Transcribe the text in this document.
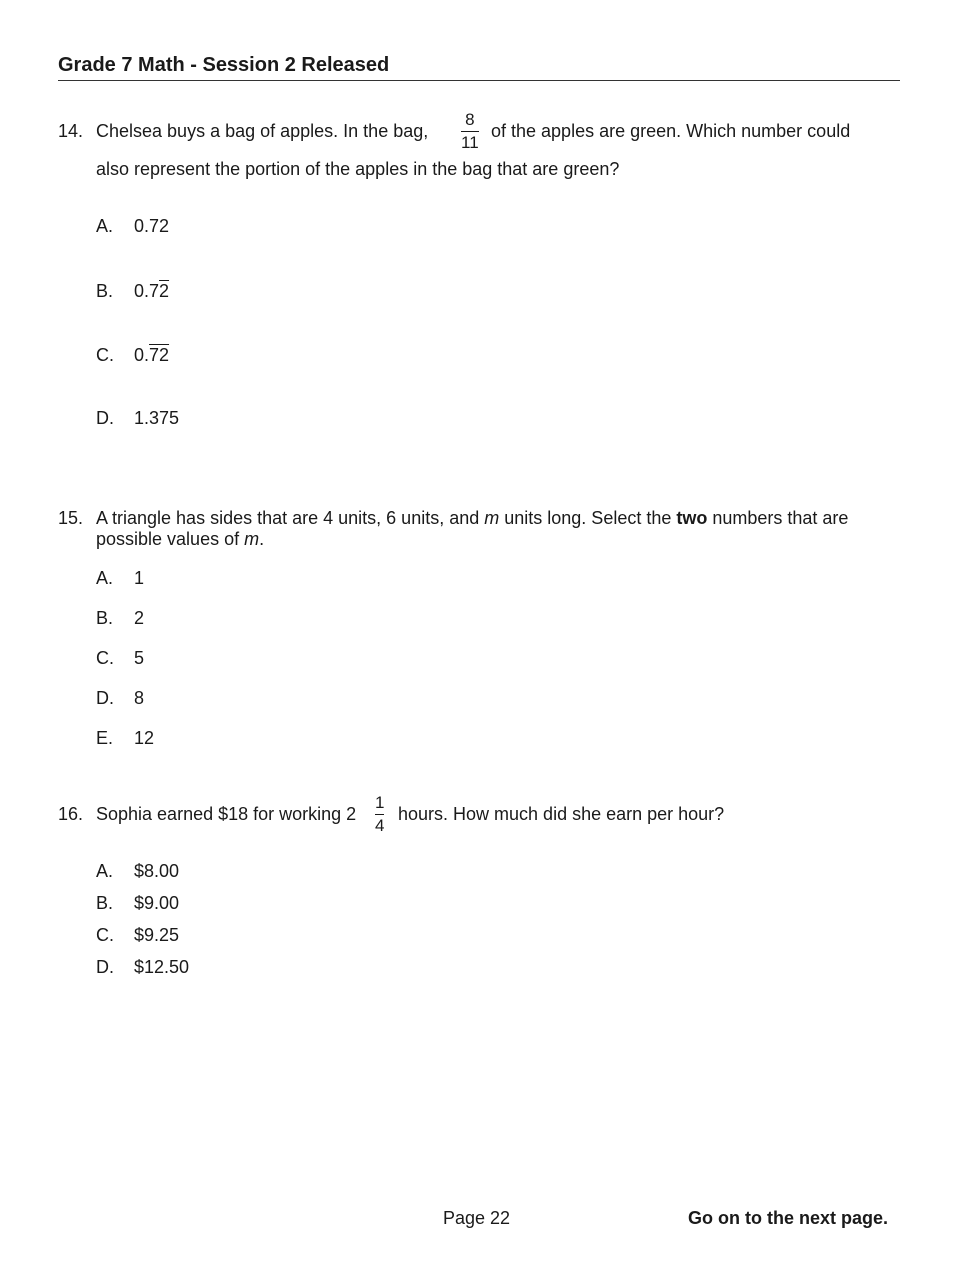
Grade 7 Math - Session 2 Released
14. Chelsea buys a bag of apples. In the bag,
8
11
of the apples are green. Which number could
also represent the portion of the apples in the bag that are green?
A. 0.72
B. 0.72
C. 0.72
D. 1.375
15. A triangle has sides that are 4 units, 6 units, and m units long. Select the two numbers that are
possible values of m.
A. 1
B. 2
C. 5
D. 8
E. 12
16. Sophia earned $18 for working 2
1
4
hours. How much did she earn per hour?
A. $8.00
B. $9.00
C. $9.25
D. $12.50
Page 22	Go on to the next page.
